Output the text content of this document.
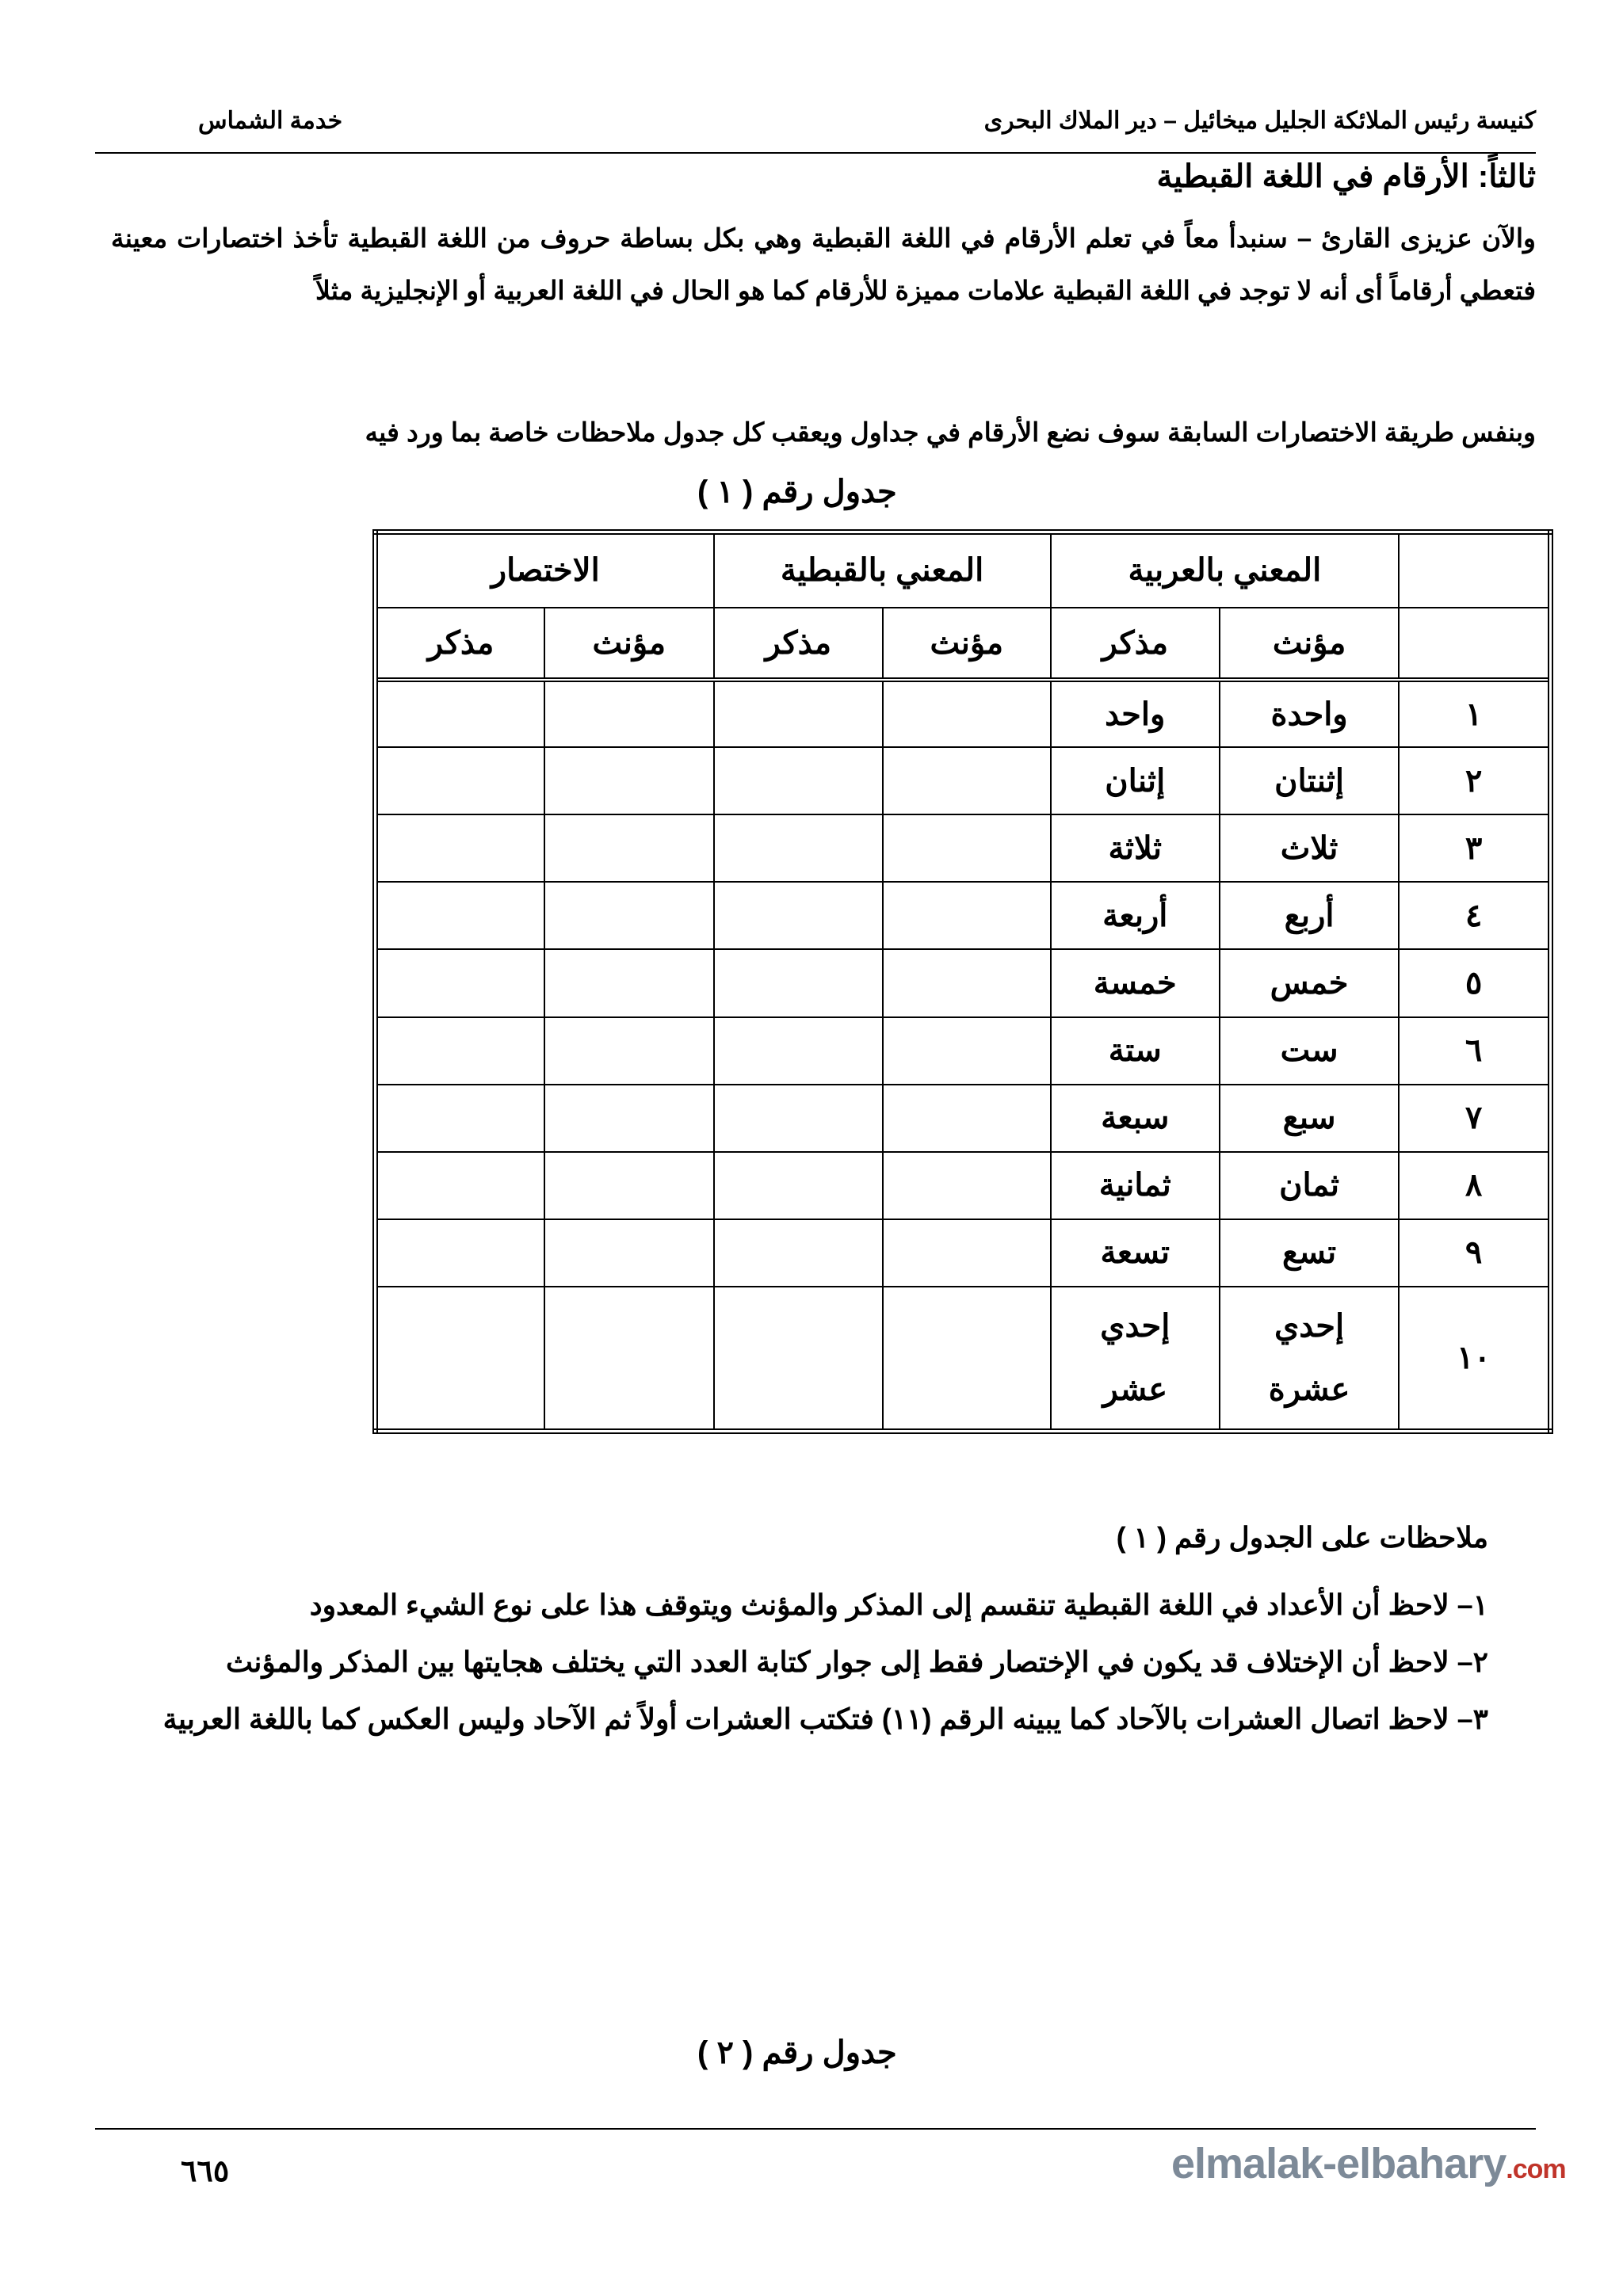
كنيسة رئيس الملائكة الجليل ميخائيل – دير الملاك البحرى
خدمة الشماس
ثالثاً: الأرقام في اللغة القبطية
والآن عزيزى القارئ – سنبدأ معاً في تعلم الأرقام في اللغة القبطية وهي بكل بساطة حروف من اللغة القبطية تأخذ اختصارات معينة فتعطي أرقاماً أى أنه لا توجد في اللغة القبطية علامات مميزة للأرقام كما هو الحال في اللغة العربية أو الإنجليزية مثلاً
وبنفس طريقة الاختصارات السابقة سوف نضع الأرقام في جداول ويعقب كل جدول ملاحظات خاصة بما ورد فيه
جدول رقم ( ١ )
	المعني بالعربية		المعني بالقبطية		الاختصار	
	مؤنث	مذكر	مؤنث	مذكر	مؤنث	مذكر
١	واحدة	واحد				
٢	إثنتان	إثنان				
٣	ثلاث	ثلاثة				
٤	أربع	أربعة				
٥	خمس	خمسة				
٦	ست	ستة				
٧	سبع	سبعة				
٨	ثمان	ثمانية				
٩	تسع	تسعة				
١٠	إحدي عشرة	إحدي عشر				
ملاحظات على الجدول رقم ( ١ )
١– لاحظ أن الأعداد في اللغة القبطية تنقسم إلى المذكر والمؤنث ويتوقف هذا على نوع الشيء المعدود
٢– لاحظ أن الإختلاف قد يكون في الإختصار فقط إلى جوار كتابة العدد التي يختلف هجايتها بين المذكر والمؤنث
٣– لاحظ اتصال العشرات بالآحاد كما يبينه الرقم (١١) فتكتب العشرات أولاً ثم الآحاد وليس العكس كما باللغة العربية
جدول رقم ( ٢ )
٦٦٥	elmalak-elbahary.com
